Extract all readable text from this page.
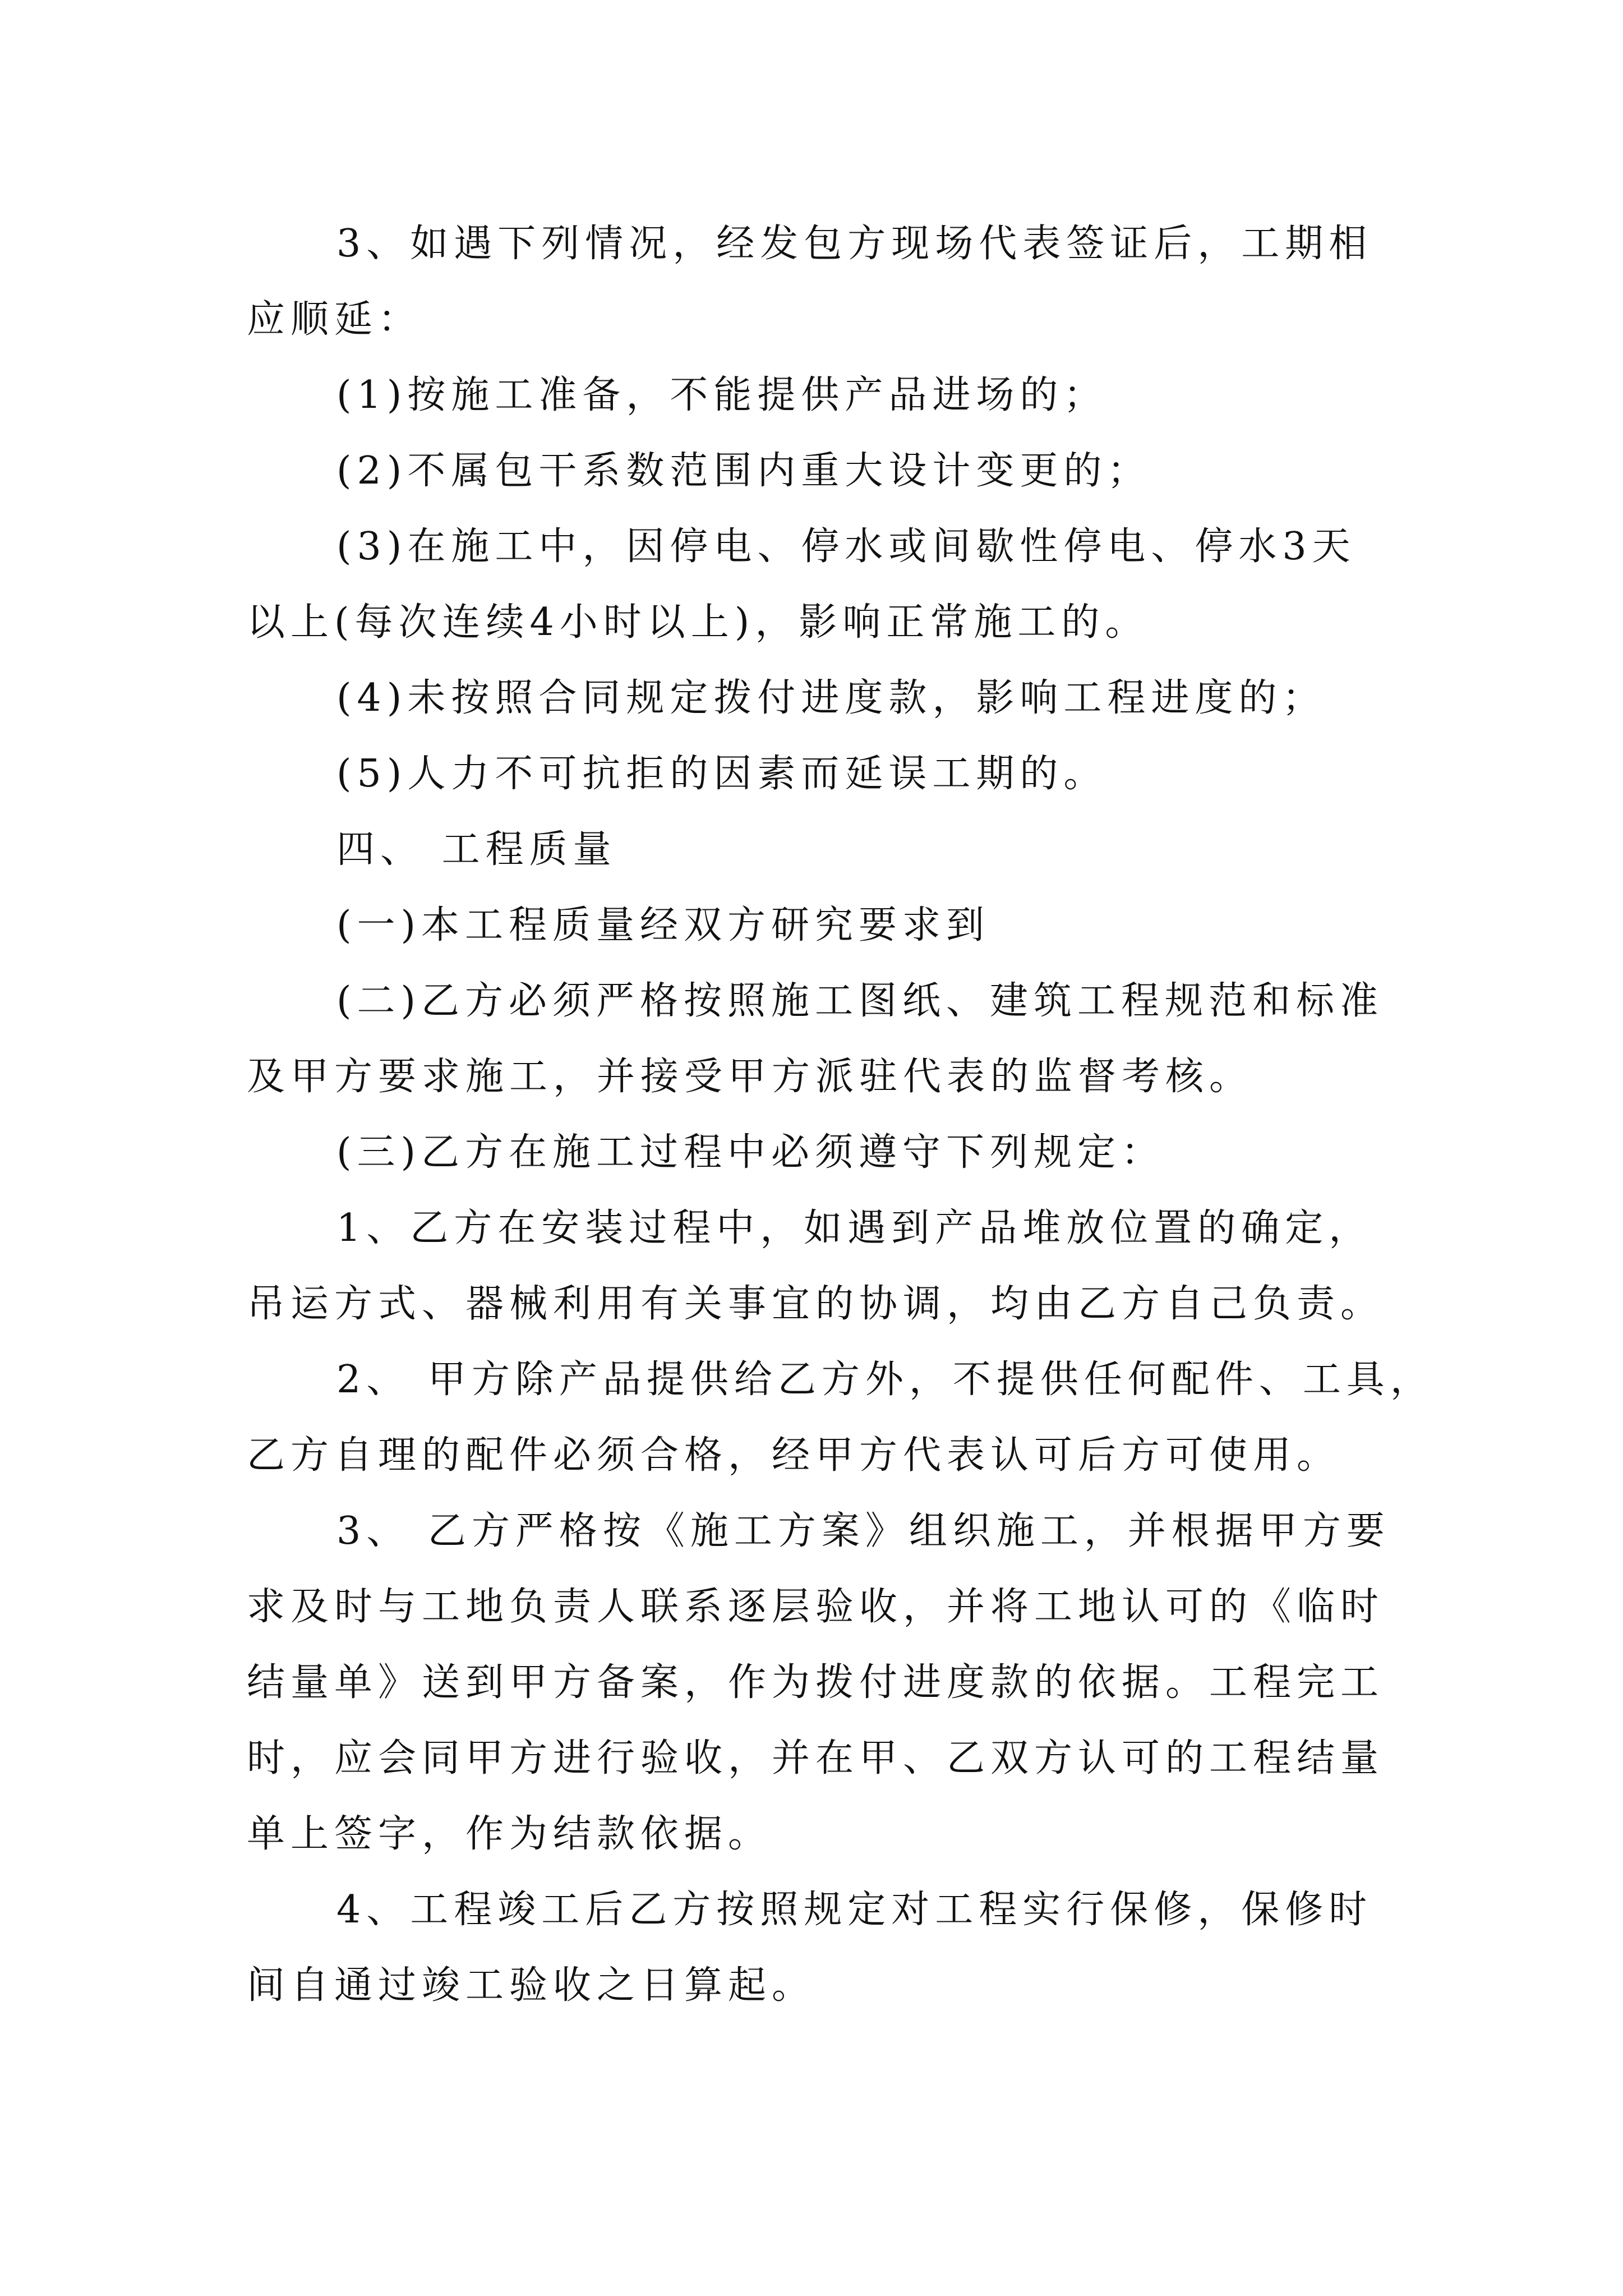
3、如遇下列情况，经发包方现场代表签证后，工期相
应顺延：
(1)按施工准备，不能提供产品进场的；
(2)不属包干系数范围内重大设计变更的；
(3)在施工中，因停电、停水或间歇性停电、停水3天
以上(每次连续4小时以上)，影响正常施工的。
(4)未按照合同规定拨付进度款，影响工程进度的；
(5)人力不可抗拒的因素而延误工期的。
四、 工程质量
(一)本工程质量经双方研究要求到
(二)乙方必须严格按照施工图纸、建筑工程规范和标准
及甲方要求施工，并接受甲方派驻代表的监督考核。
(三)乙方在施工过程中必须遵守下列规定：
1、乙方在安装过程中，如遇到产品堆放位置的确定，
吊运方式、器械利用有关事宜的协调，均由乙方自己负责。
2、 甲方除产品提供给乙方外，不提供任何配件、工具，
乙方自理的配件必须合格，经甲方代表认可后方可使用。
3、 乙方严格按《施工方案》组织施工，并根据甲方要
求及时与工地负责人联系逐层验收，并将工地认可的《临时
结量单》送到甲方备案，作为拨付进度款的依据。工程完工
时，应会同甲方进行验收，并在甲、乙双方认可的工程结量
单上签字，作为结款依据。
4、工程竣工后乙方按照规定对工程实行保修，保修时
间自通过竣工验收之日算起。
